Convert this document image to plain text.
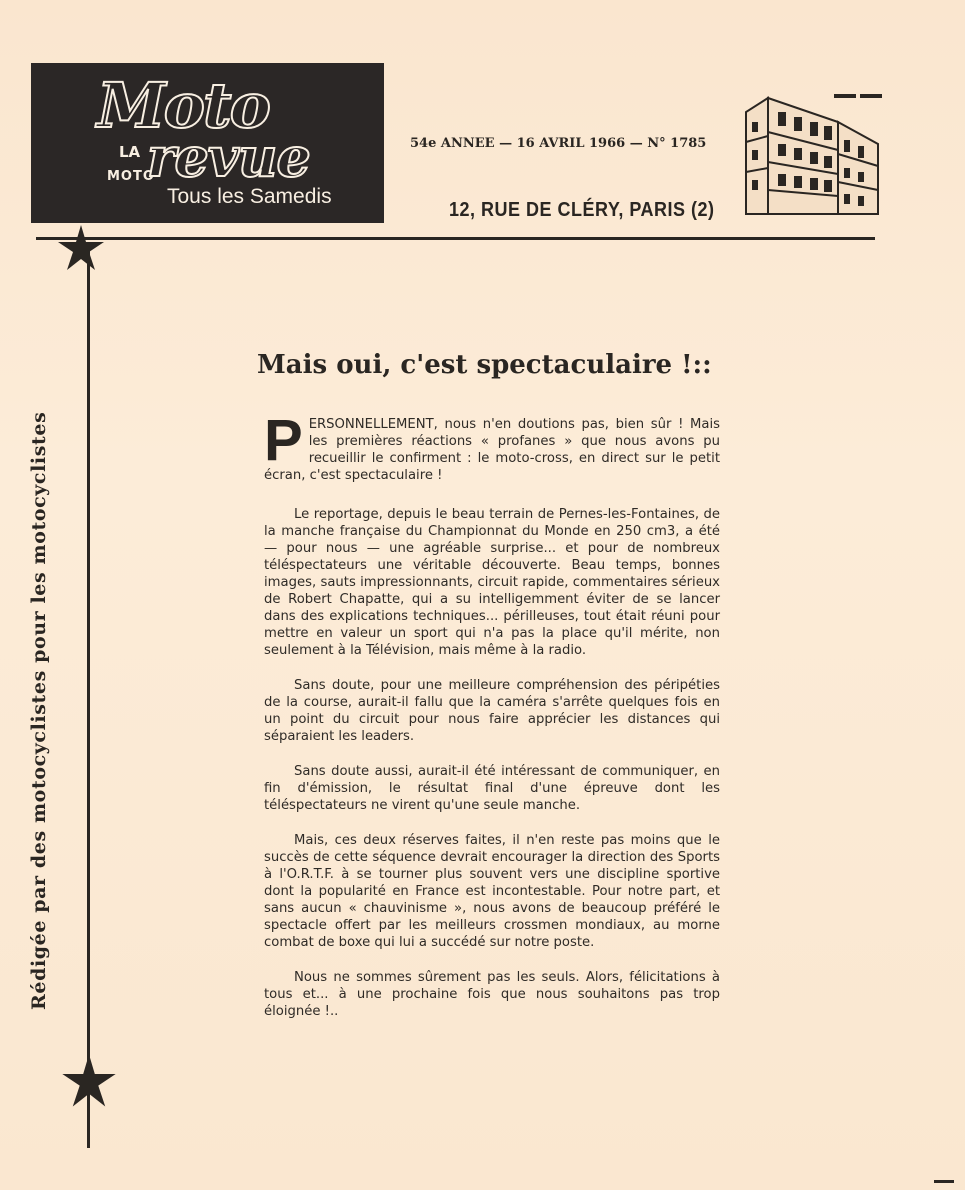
Moto
LA
MOTO
revue
Tous les Samedis
54e ANNEE — 16 AVRIL 1966 — N° 1785
12, RUE DE CLÉRY, PARIS (2)
Rédigée par des motocyclistes pour les motocyclistes
Mais oui, c'est spectaculaire !::

PERSONNELLEMENT, nous n'en doutions pas, bien sûr ! Mais les premières réactions « profanes » que nous avons pu recueillir le confirment : le moto-cross, en direct sur le petit écran, c'est spectaculaire !

Le reportage, depuis le beau terrain de Pernes-les-Fontaines, de la manche française du Championnat du Monde en 250 cm3, a été — pour nous — une agréable surprise... et pour de nombreux téléspectateurs une véritable découverte. Beau temps, bonnes images, sauts impressionnants, circuit rapide, commentaires sérieux de Robert Chapatte, qui a su intelligemment éviter de se lancer dans des explications techniques... périlleuses, tout était réuni pour mettre en valeur un sport qui n'a pas la place qu'il mérite, non seulement à la Télévision, mais même à la radio.

Sans doute, pour une meilleure compréhension des péripéties de la course, aurait-il fallu que la caméra s'arrête quelques fois en un point du circuit pour nous faire apprécier les distances qui séparaient les leaders.

Sans doute aussi, aurait-il été intéressant de communiquer, en fin d'émission, le résultat final d'une épreuve dont les téléspectateurs ne virent qu'une seule manche.

Mais, ces deux réserves faites, il n'en reste pas moins que le succès de cette séquence devrait encourager la direction des Sports à l'O.R.T.F. à se tourner plus souvent vers une discipline sportive dont la popularité en France est incontestable. Pour notre part, et sans aucun « chauvinisme », nous avons de beaucoup préféré le spectacle offert par les meilleurs crossmen mondiaux, au morne combat de boxe qui lui a succédé sur notre poste.

Nous ne sommes sûrement pas les seuls. Alors, félicitations à tous et... à une prochaine fois que nous souhaitons pas trop éloignée !..
